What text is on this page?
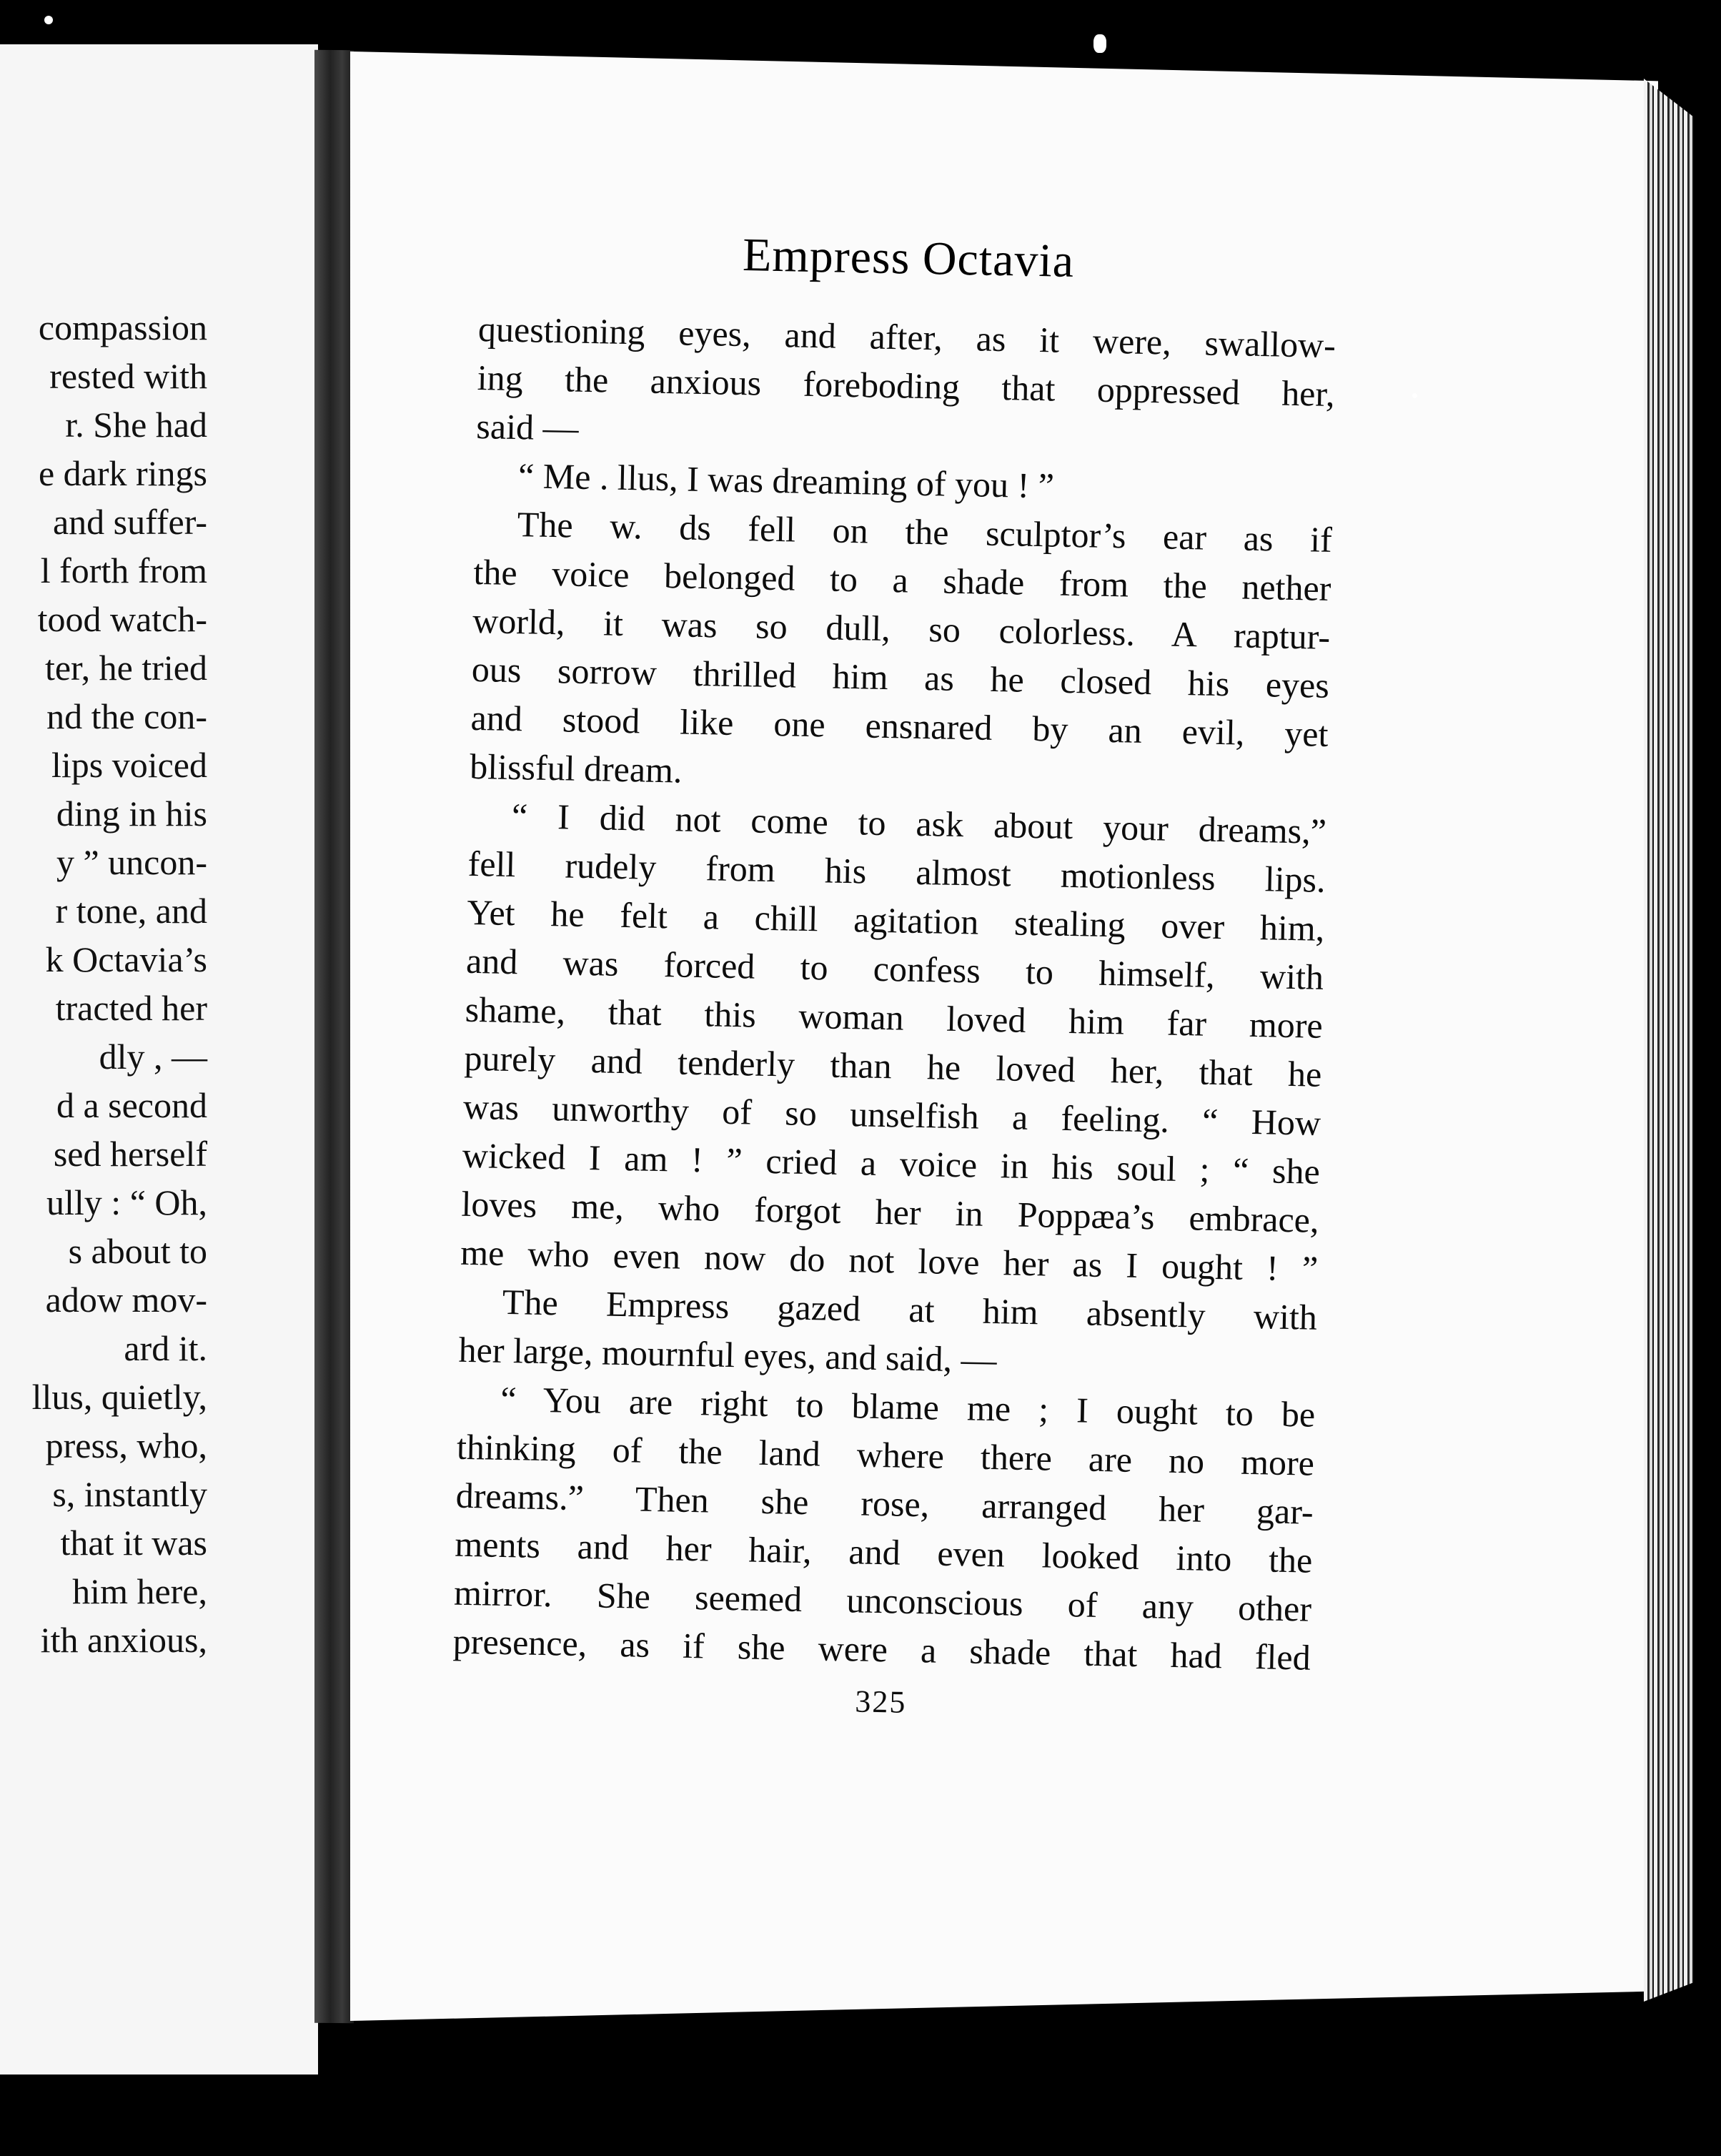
compassion
rested with
r. She had
e dark rings
and suffer-
l forth from
tood watch-
ter, he tried
nd the con-
lips voiced
ding in his
y ” uncon-
r tone, and
k Octavia’s
tracted her
dly , —
d a second
sed herself
ully : “ Oh,
s about to
adow mov-
ard it.
llus, quietly,
press, who,
s, instantly
that it was
him here,
ith anxious,
Empress Octavia
questioning eyes, and after, as it were, swallow-
ing the anxious foreboding that oppressed her,
said —
“ Me . llus, I was dreaming of you ! ”
The w. ds fell on the sculptor’s ear as if
the voice belonged to a shade from the nether
world, it was so dull, so colorless. A raptur-
ous sorrow thrilled him as he closed his eyes
and stood like one ensnared by an evil, yet
blissful dream.
“ I did not come to ask about your dreams,”
fell rudely from his almost motionless lips.
Yet he felt a chill agitation stealing over him,
and was forced to confess to himself, with
shame, that this woman loved him far more
purely and tenderly than he loved her, that he
was unworthy of so unselfish a feeling. “ How
wicked I am ! ” cried a voice in his soul ; “ she
loves me, who forgot her in Poppæa’s embrace,
me who even now do not love her as I ought ! ”
The Empress gazed at him absently with
her large, mournful eyes, and said, —
“ You are right to blame me ; I ought to be
thinking of the land where there are no more
dreams.” Then she rose, arranged her gar-
ments and her hair, and even looked into the
mirror. She seemed unconscious of any other
presence, as if she were a shade that had fled
325
